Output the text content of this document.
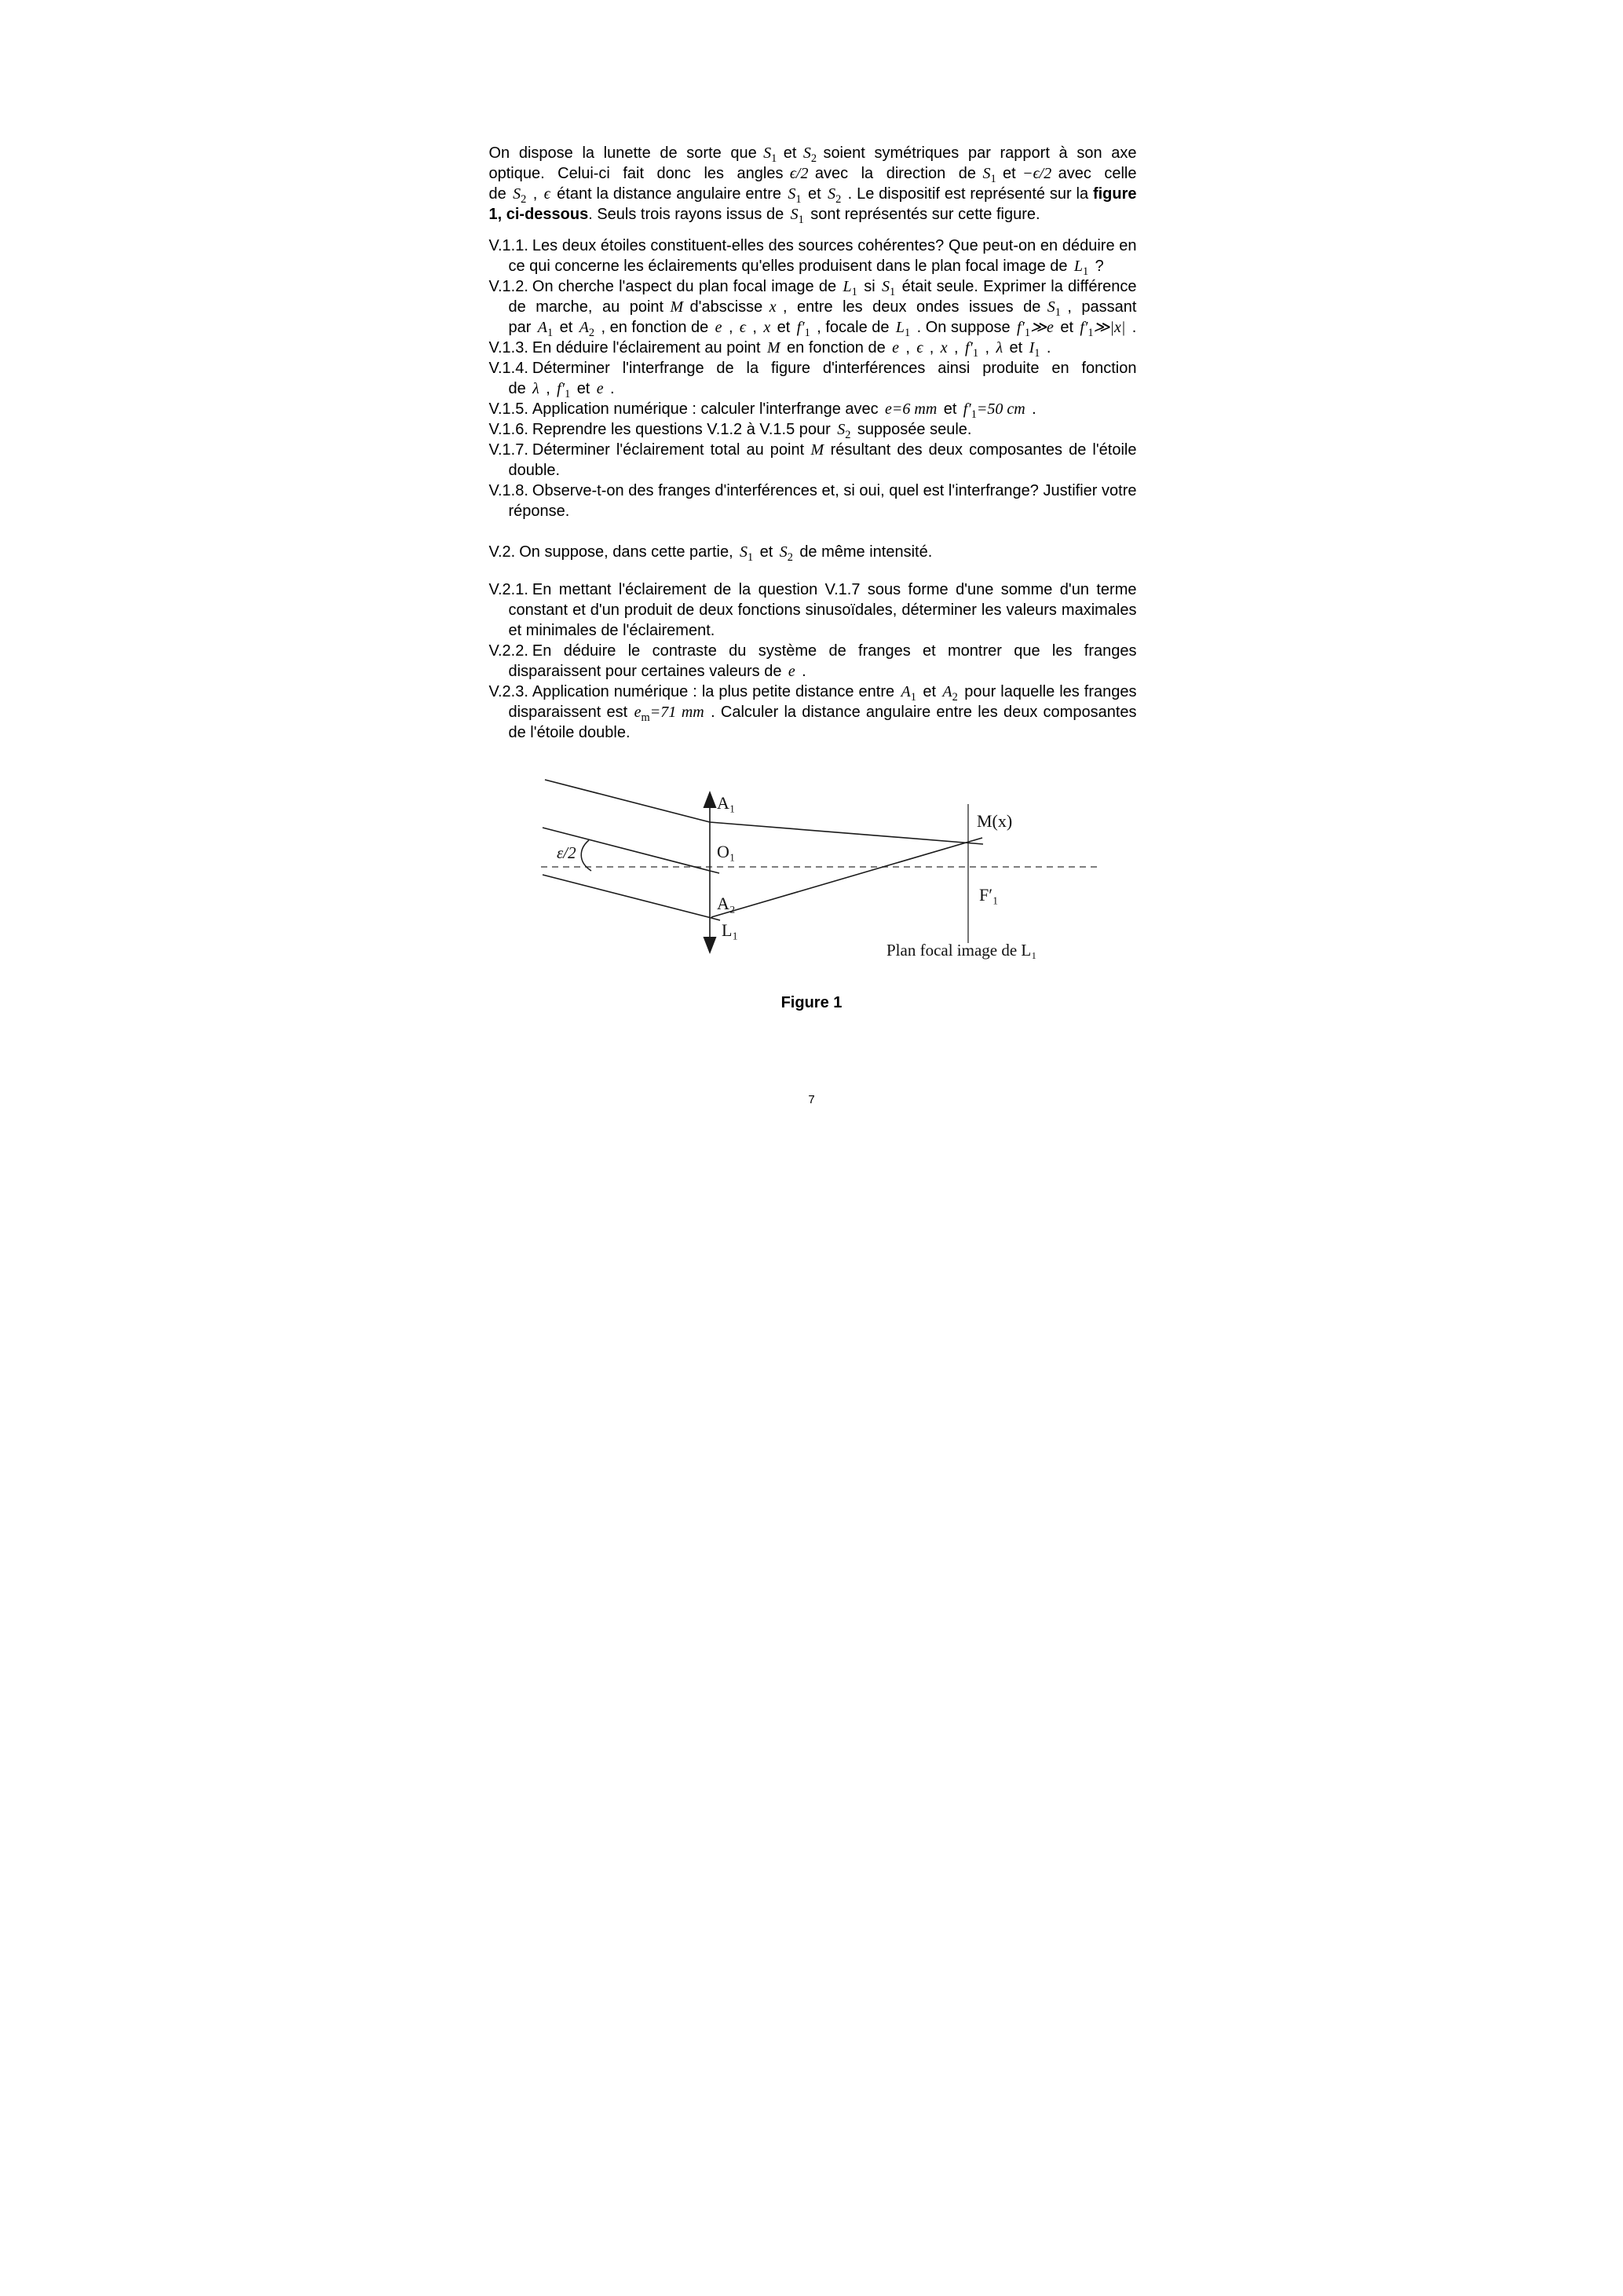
On dispose la lunette de sorte que $S_1$ et $S_2$ soient symétriques par rapport à son axe optique. Celui-ci fait donc les angles ϵ/2 avec la direction de $S_1$ et −ϵ/2 avec celle de $S_2$ , ϵ étant la distance angulaire entre $S_1$ et $S_2$ . Le dispositif est représenté sur la figure 1, ci-dessous. Seuls trois rayons issus de $S_1$ sont représentés sur cette figure.

V.1.1. Les deux étoiles constituent-elles des sources cohérentes? Que peut-on en déduire en ce qui concerne les éclairements qu'elles produisent dans le plan focal image de $L_1$ ?

V.1.2. On cherche l'aspect du plan focal image de $L_1$ si $S_1$ était seule. Exprimer la différence de marche, au point M d'abscisse x , entre les deux ondes issues de $S_1$ , passant par $A_1$ et $A_2$ , en fonction de e , ϵ , x et $f'_1$ , focale de $L_1$ . On suppose $f'_1≫e$ et $f'_1≫|x|$ .

V.1.3. En déduire l'éclairement au point M en fonction de e , ϵ , x , $f'_1$ , λ et $I_1$ .

V.1.4. Déterminer l'interfrange de la figure d'interférences ainsi produite en fonction de λ , $f'_1$ et e .

V.1.5. Application numérique : calculer l'interfrange avec e=6 mm et $f'_1=50$ cm .

V.1.6. Reprendre les questions V.1.2 à V.1.5 pour $S_2$ supposée seule.

V.1.7. Déterminer l'éclairement total au point M résultant des deux composantes de l'étoile double.

V.1.8. Observe-t-on des franges d'interférences et, si oui, quel est l'interfrange? Justifier votre réponse.

V.2. On suppose, dans cette partie, $S_1$ et $S_2$ de même intensité.

V.2.1. En mettant l'éclairement de la question V.1.7 sous forme d'une somme d'un terme constant et d'un produit de deux fonctions sinusoïdales, déterminer les valeurs maximales et minimales de l'éclairement.

V.2.2. En déduire le contraste du système de franges et montrer que les franges disparaissent pour certaines valeurs de e .

V.2.3. Application numérique : la plus petite distance entre $A_1$ et $A_2$ pour laquelle les franges disparaissent est $e_m=71$ mm . Calculer la distance angulaire entre les deux composantes de l'étoile double.

A₁
O₁
A₂
L₁
M(x)
F′₁
ε/2
Plan focal image de L₁
Figure 1
7
